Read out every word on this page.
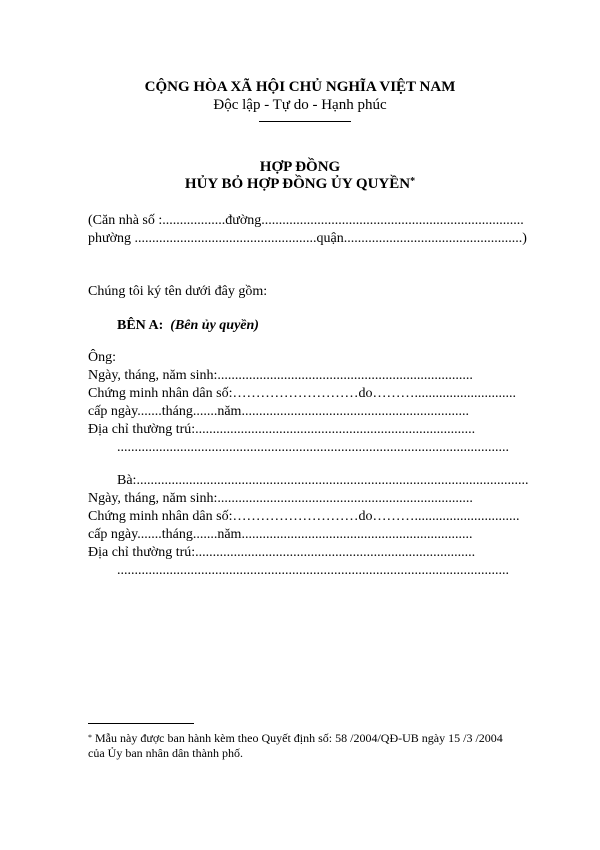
CỘNG HÒA XÃ HỘI CHỦ NGHĨA VIỆT NAM
Độc lập - Tự do - Hạnh phúc
HỢP ĐỒNG
HỦY BỎ HỢP ĐỒNG ỦY QUYỀN*
(Căn nhà số :..................đường...........................................................................
phường ....................................................quận...................................................)
Chúng tôi ký tên dưới đây gồm:
BÊN A: (Bên ủy quyền)
Ông:
Ngày, tháng, năm sinh:.........................................................................
Chứng minh nhân dân số:………………………do……….............................
cấp ngày.......tháng.......năm.................................................................
Địa chỉ thường trú:................................................................................
................................................................................................................
Bà:................................................................................................................
Ngày, tháng, năm sinh:.........................................................................
Chứng minh nhân dân số:………………………do………..............................
cấp ngày.......tháng.......năm..................................................................
Địa chỉ thường trú:................................................................................
................................................................................................................
* Mẫu này được ban hành kèm theo Quyết định số: 58 /2004/QĐ-UB ngày 15 /3 /2004
của Ủy ban nhân dân thành phố.
